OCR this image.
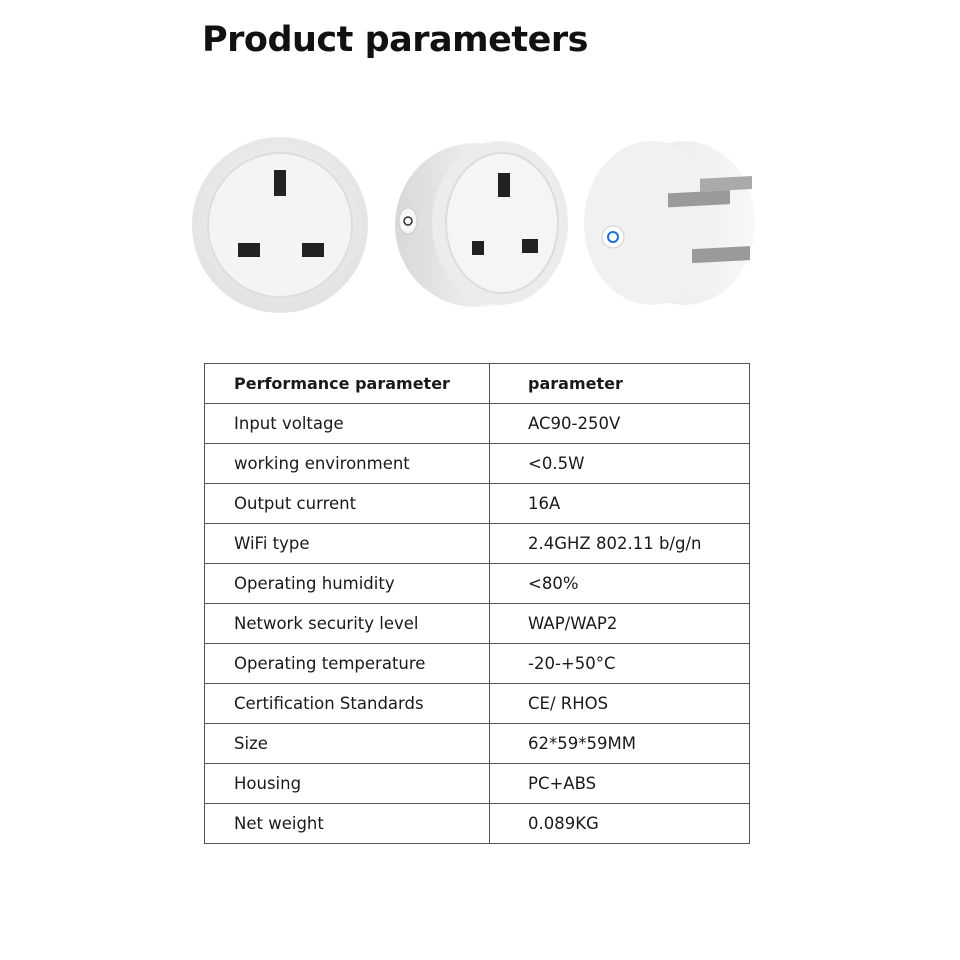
Product parameters
Performance parameter	parameter
Input voltage	AC90-250V
working environment	<0.5W
Output current	16A
WiFi type	2.4GHZ 802.11 b/g/n
Operating humidity	<80%
Network security level	WAP/WAP2
Operating temperature	-20-+50°C
Certification Standards	CE/ RHOS
Size	62*59*59MM
Housing	PC+ABS
Net weight	0.089KG
